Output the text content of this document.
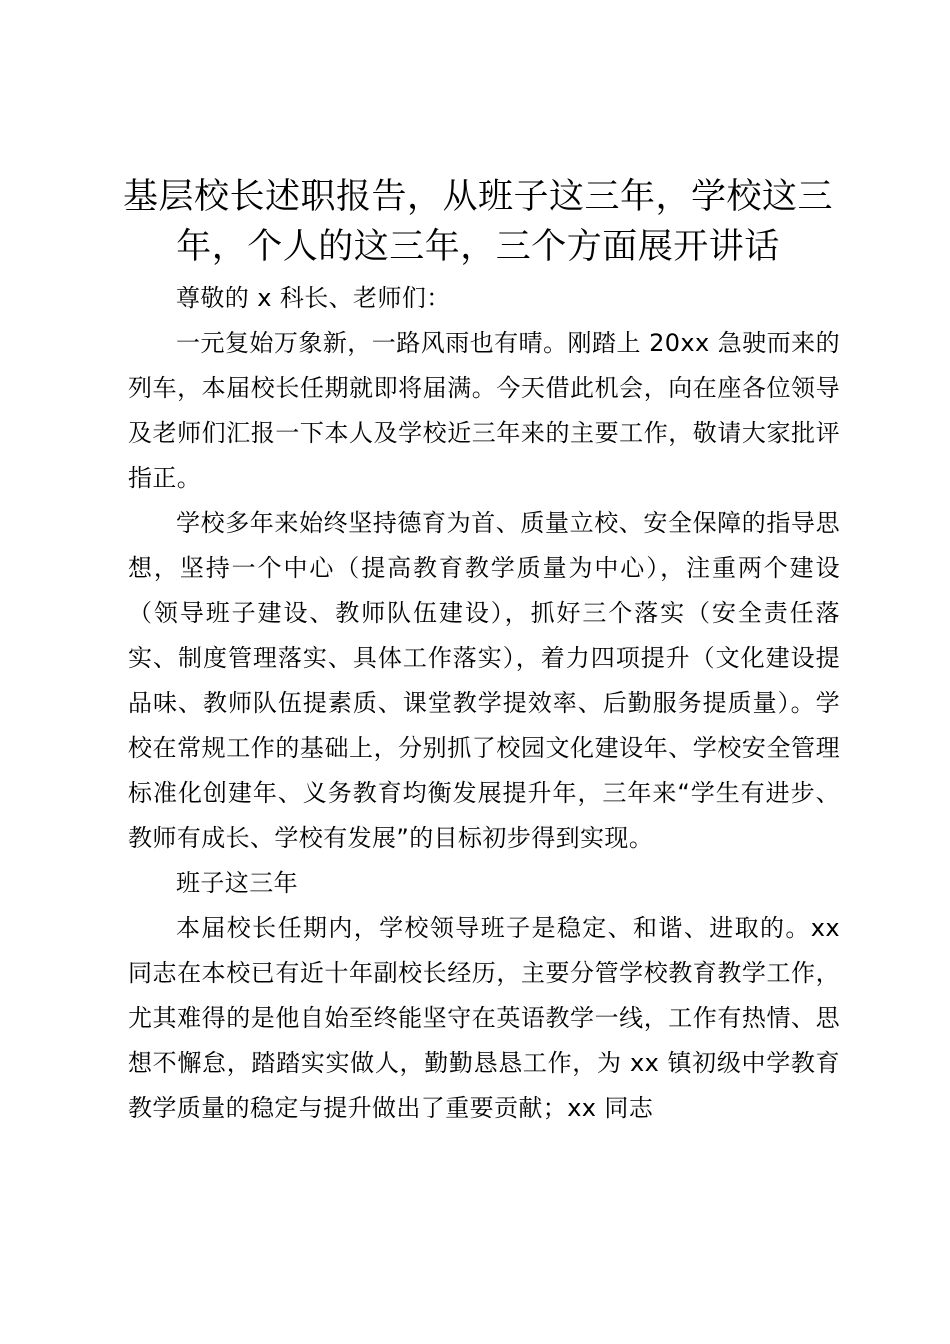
基层校长述职报告，从班子这三年，学校这三年，个人的这三年，三个方面展开讲话

尊敬的 x 科长、老师们：

一元复始万象新，一路风雨也有晴。刚踏上 20xx 急驶而来的列车，本届校长任期就即将届满。今天借此机会，向在座各位领导及老师们汇报一下本人及学校近三年来的主要工作，敬请大家批评指正。

学校多年来始终坚持德育为首、质量立校、安全保障的指导思想，坚持一个中心（提高教育教学质量为中心），注重两个建设（领导班子建设、教师队伍建设），抓好三个落实（安全责任落实、制度管理落实、具体工作落实），着力四项提升（文化建设提品味、教师队伍提素质、课堂教学提效率、后勤服务提质量）。学校在常规工作的基础上，分别抓了校园文化建设年、学校安全管理标准化创建年、义务教育均衡发展提升年，三年来“学生有进步、教师有成长、学校有发展”的目标初步得到实现。

班子这三年

本届校长任期内，学校领导班子是稳定、和谐、进取的。xx 同志在本校已有近十年副校长经历，主要分管学校教育教学工作，尤其难得的是他自始至终能坚守在英语教学一线，工作有热情、思想不懈怠，踏踏实实做人，勤勤恳恳工作，为 xx 镇初级中学教育教学质量的稳定与提升做出了重要贡献；xx 同志
